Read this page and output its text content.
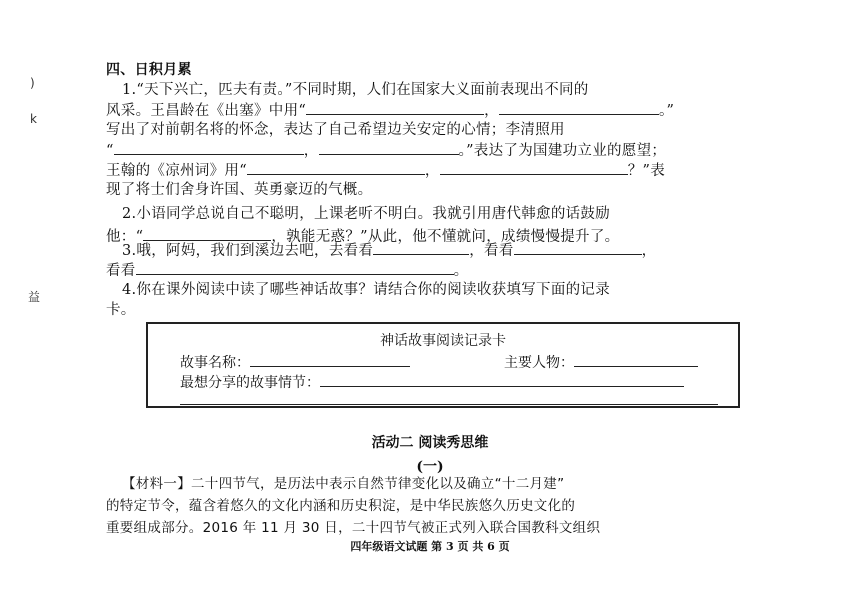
)
k
益
四、日积月累
1.“天下兴亡，匹夫有责。”不同时期，人们在国家大义面前表现出不同的
风采。王昌龄在《出塞》中用“	，	。”
写出了对前朝名将的怀念，表达了自己希望边关安定的心情；李清照用
“	，	。”表达了为国建功立业的愿望；
王翰的《凉州词》用“	，	？”表
现了将士们舍身许国、英勇豪迈的气概。
2.小语同学总说自己不聪明，上课老听不明白。我就引用唐代韩愈的话鼓励
他：“	，孰能无惑？”从此，他不懂就问，成绩慢慢提升了。
3.哦，阿妈，我们到溪边去吧，去看看	，看看	，
看看	。
4.你在课外阅读中读了哪些神话故事？请结合你的阅读收获填写下面的记录
卡。
神话故事阅读记录卡
故事名称：	主要人物：
最想分享的故事情节：
活动二 阅读秀思维
(一)
【材料一】二十四节气，是历法中表示自然节律变化以及确立“十二月建”
的特定节令，蕴含着悠久的文化内涵和历史积淀，是中华民族悠久历史文化的
重要组成部分。2016 年 11 月 30 日，二十四节气被正式列入联合国教科文组织
四年级语文试题 第 3 页 共 6 页
